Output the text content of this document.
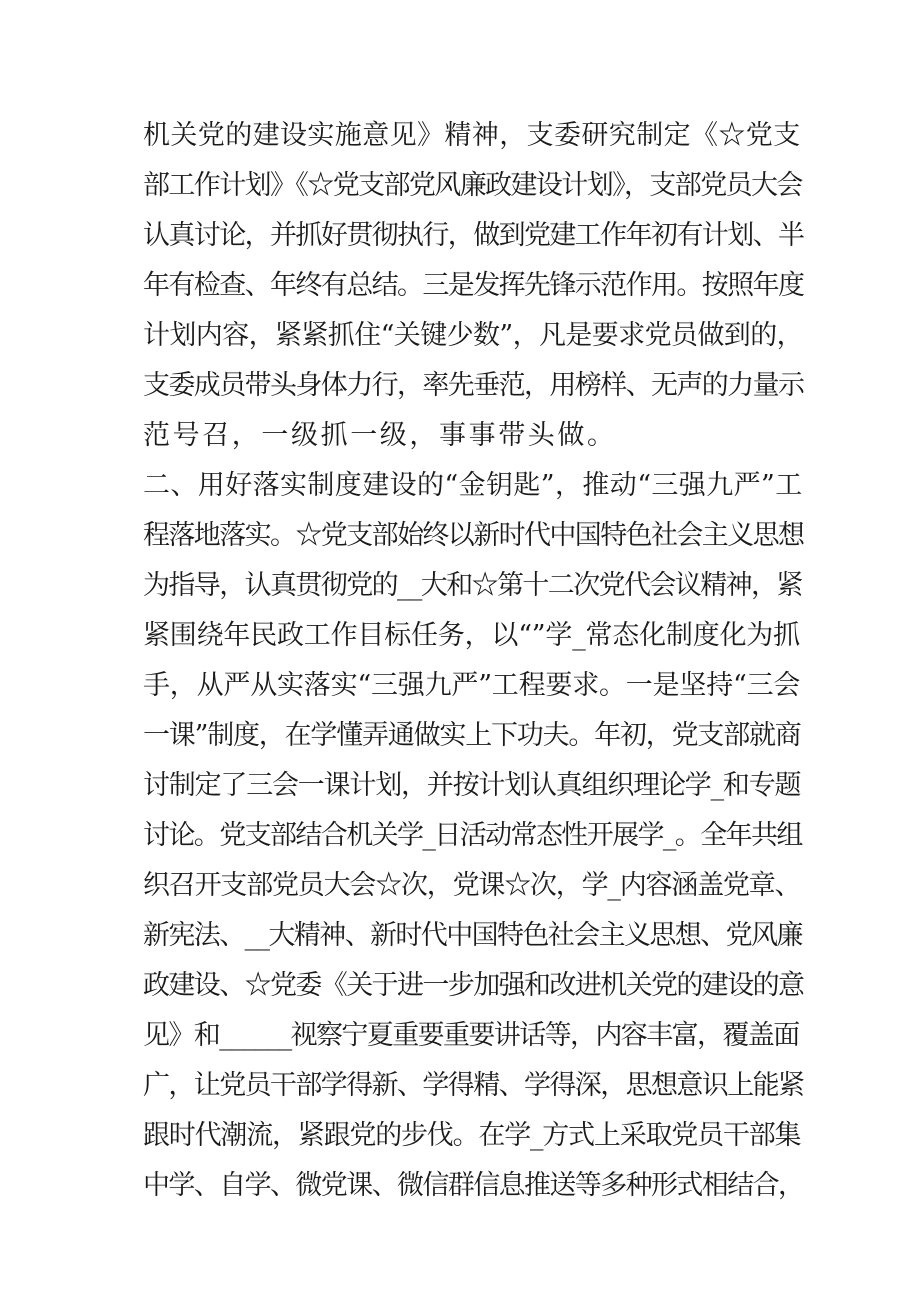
机关党的建设实施意见》精神，支委研究制定《☆党支
部工作计划》《☆党支部党风廉政建设计划》，支部党员大会
认真讨论，并抓好贯彻执行，做到党建工作年初有计划、半
年有检查、年终有总结。三是发挥先锋示范作用。按照年度
计划内容，紧紧抓住“关键少数”，凡是要求党员做到的，
支委成员带头身体力行，率先垂范，用榜样、无声的力量示
范号召，一级抓一级，事事带头做。
二、用好落实制度建设的“金钥匙”，推动“三强九严”工
程落地落实。☆党支部始终以新时代中国特色社会主义思想
为指导，认真贯彻党的__大和☆第十二次党代会议精神，紧
紧围绕年民政工作目标任务，以“”学_常态化制度化为抓
手，从严从实落实“三强九严”工程要求。一是坚持“三会
一课”制度，在学懂弄通做实上下功夫。年初，党支部就商
讨制定了三会一课计划，并按计划认真组织理论学_和专题
讨论。党支部结合机关学_日活动常态性开展学_。全年共组
织召开支部党员大会☆次，党课☆次，学_内容涵盖党章、
新宪法、__大精神、新时代中国特色社会主义思想、党风廉
政建设、☆党委《关于进一步加强和改进机关党的建设的意
见》和______视察宁夏重要重要讲话等，内容丰富，覆盖面
广，让党员干部学得新、学得精、学得深，思想意识上能紧
跟时代潮流，紧跟党的步伐。在学_方式上采取党员干部集
中学、自学、微党课、微信群信息推送等多种形式相结合，
